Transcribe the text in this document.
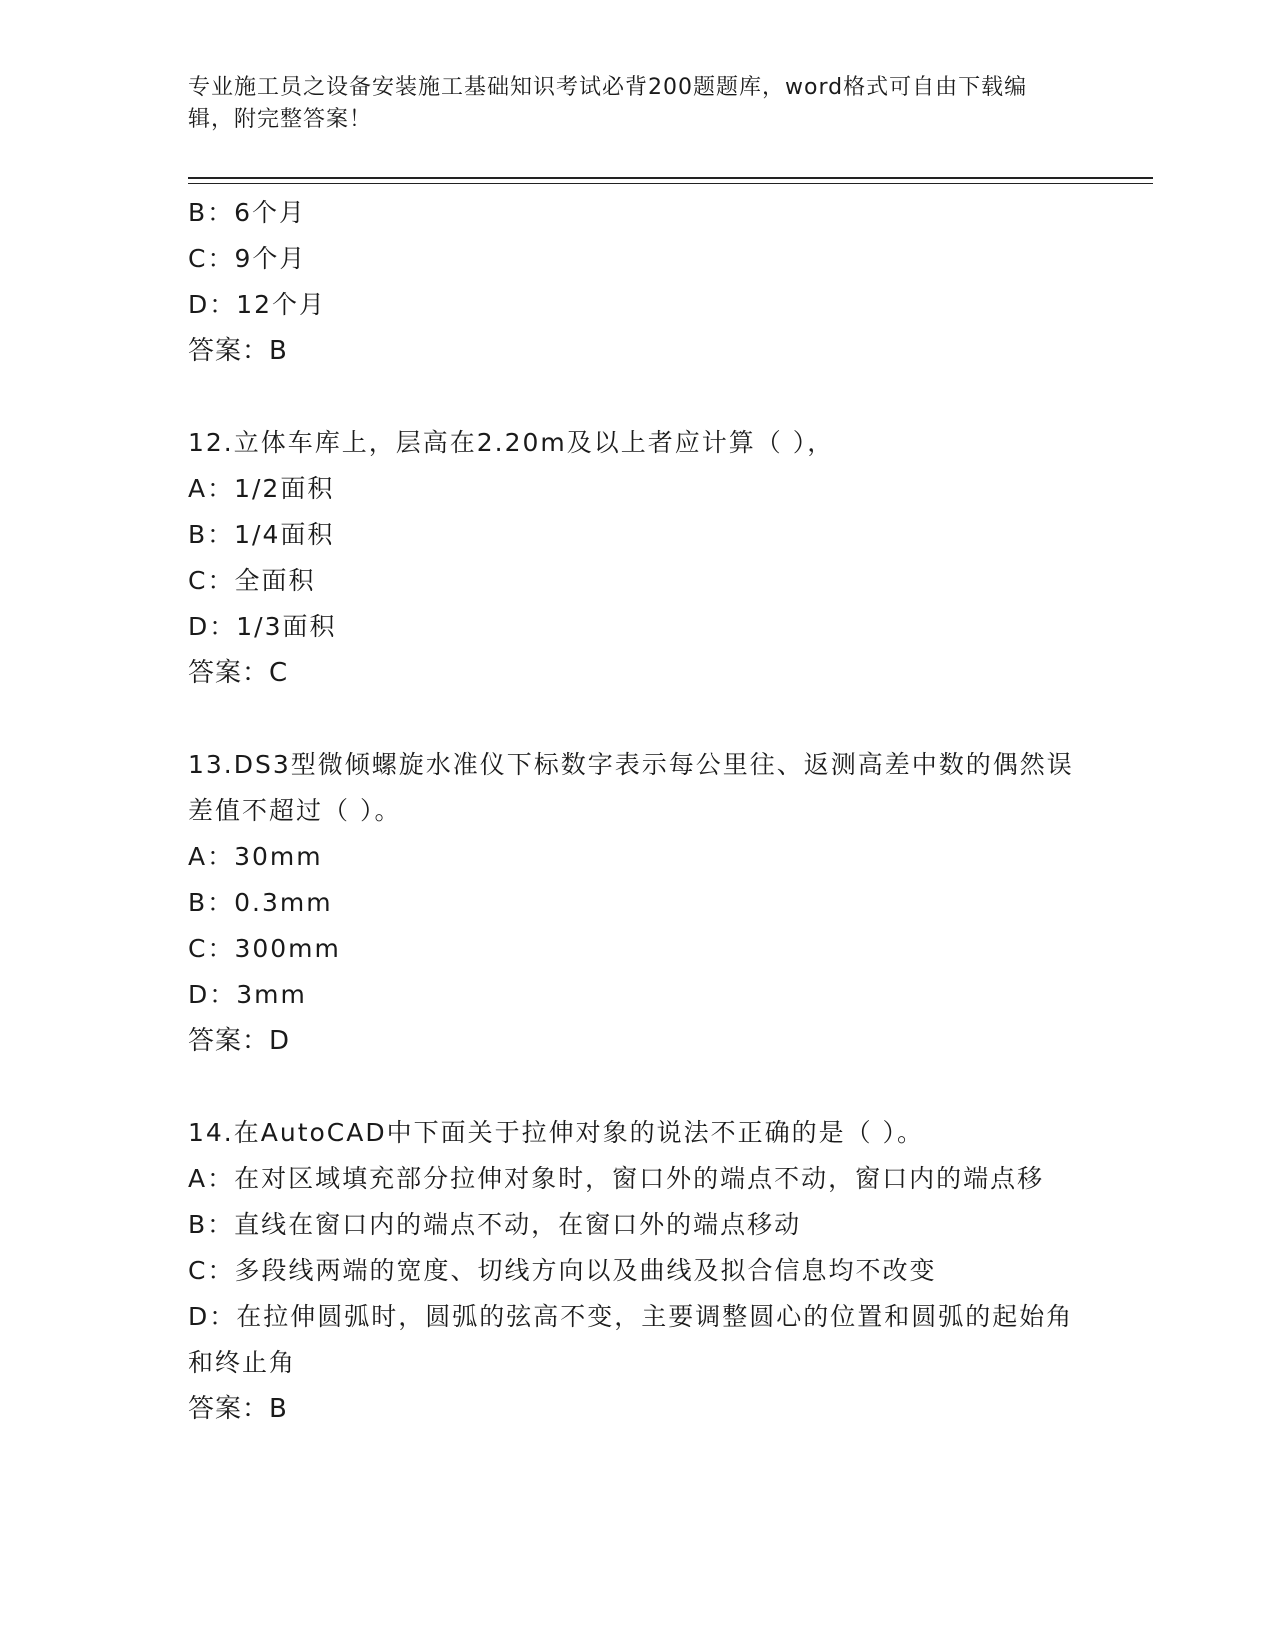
专业施工员之设备安装施工基础知识考试必背200题题库，word格式可自由下载编辑，附完整答案！
B：6个月
C：9个月
D：12个月
答案：B
12.立体车库上，层高在2.20m及以上者应计算（ ），
A：1/2面积
B：1/4面积
C：全面积
D：1/3面积
答案：C
13.DS3型微倾螺旋水准仪下标数字表示每公里往、返测高差中数的偶然误差值不超过（ ）。
A：30mm
B：0.3mm
C：300mm
D：3mm
答案：D
14.在AutoCAD中下面关于拉伸对象的说法不正确的是（ ）。
A：在对区域填充部分拉伸对象时，窗口外的端点不动，窗口内的端点移
B：直线在窗口内的端点不动，在窗口外的端点移动
C：多段线两端的宽度、切线方向以及曲线及拟合信息均不改变
D：在拉伸圆弧时，圆弧的弦高不变，主要调整圆心的位置和圆弧的起始角和终止角
答案：B
